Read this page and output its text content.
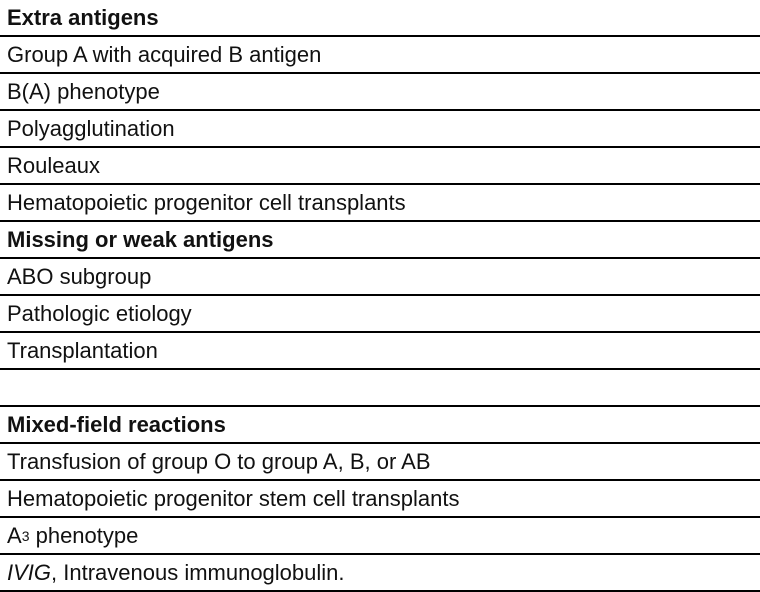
Extra antigens
Group A with acquired B antigen
B(A) phenotype
Polyagglutination
Rouleaux
Hematopoietic progenitor cell transplants
Missing or weak antigens
ABO subgroup
Pathologic etiology
Transplantation
Mixed-field reactions
Transfusion of group O to group A, B, or AB
Hematopoietic progenitor stem cell transplants
A 3 phenotype
IVIG , Intravenous immunoglobulin.
